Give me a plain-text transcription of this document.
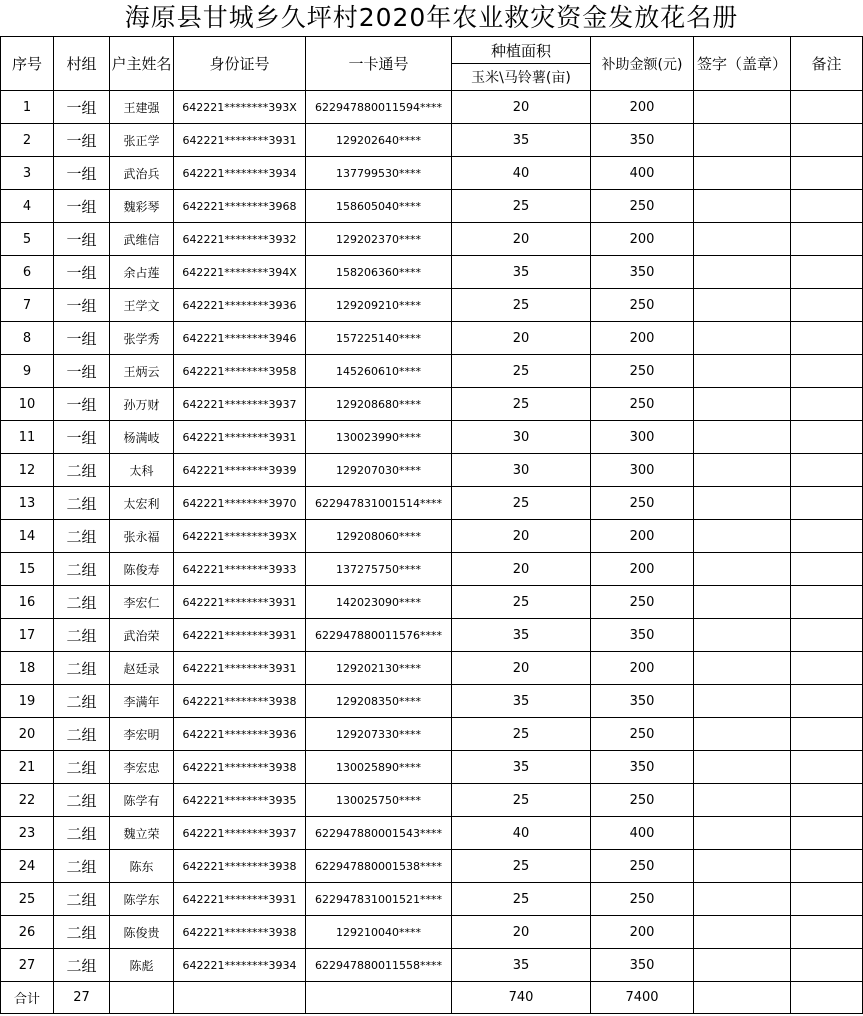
海原县甘城乡久坪村2020年农业救灾资金发放花名册
序号	村组	户主姓名	身份证号	一卡通号	种植面积	补助金额(元)	签字（盖章）	备注
					玉米\马铃薯(亩)			
1	一组	王建强	642221********393X	622947880011594****	20	200		
2	一组	张正学	642221********3931	129202640****	35	350		
3	一组	武治兵	642221********3934	137799530****	40	400		
4	一组	魏彩琴	642221********3968	158605040****	25	250		
5	一组	武维信	642221********3932	129202370****	20	200		
6	一组	余占莲	642221********394X	158206360****	35	350		
7	一组	王学文	642221********3936	129209210****	25	250		
8	一组	张学秀	642221********3946	157225140****	20	200		
9	一组	王炳云	642221********3958	145260610****	25	250		
10	一组	孙万财	642221********3937	129208680****	25	250		
11	一组	杨满岐	642221********3931	130023990****	30	300		
12	二组	太科	642221********3939	129207030****	30	300		
13	二组	太宏利	642221********3970	622947831001514****	25	250		
14	二组	张永福	642221********393X	129208060****	20	200		
15	二组	陈俊寿	642221********3933	137275750****	20	200		
16	二组	李宏仁	642221********3931	142023090****	25	250		
17	二组	武治荣	642221********3931	622947880011576****	35	350		
18	二组	赵廷录	642221********3931	129202130****	20	200		
19	二组	李满年	642221********3938	129208350****	35	350		
20	二组	李宏明	642221********3936	129207330****	25	250		
21	二组	李宏忠	642221********3938	130025890****	35	350		
22	二组	陈学有	642221********3935	130025750****	25	250		
23	二组	魏立荣	642221********3937	622947880001543****	40	400		
24	二组	陈东	642221********3938	622947880001538****	25	250		
25	二组	陈学东	642221********3931	622947831001521****	25	250		
26	二组	陈俊贵	642221********3938	129210040****	20	200		
27	二组	陈彪	642221********3934	622947880011558****	35	350		
合计	27				740	7400		
